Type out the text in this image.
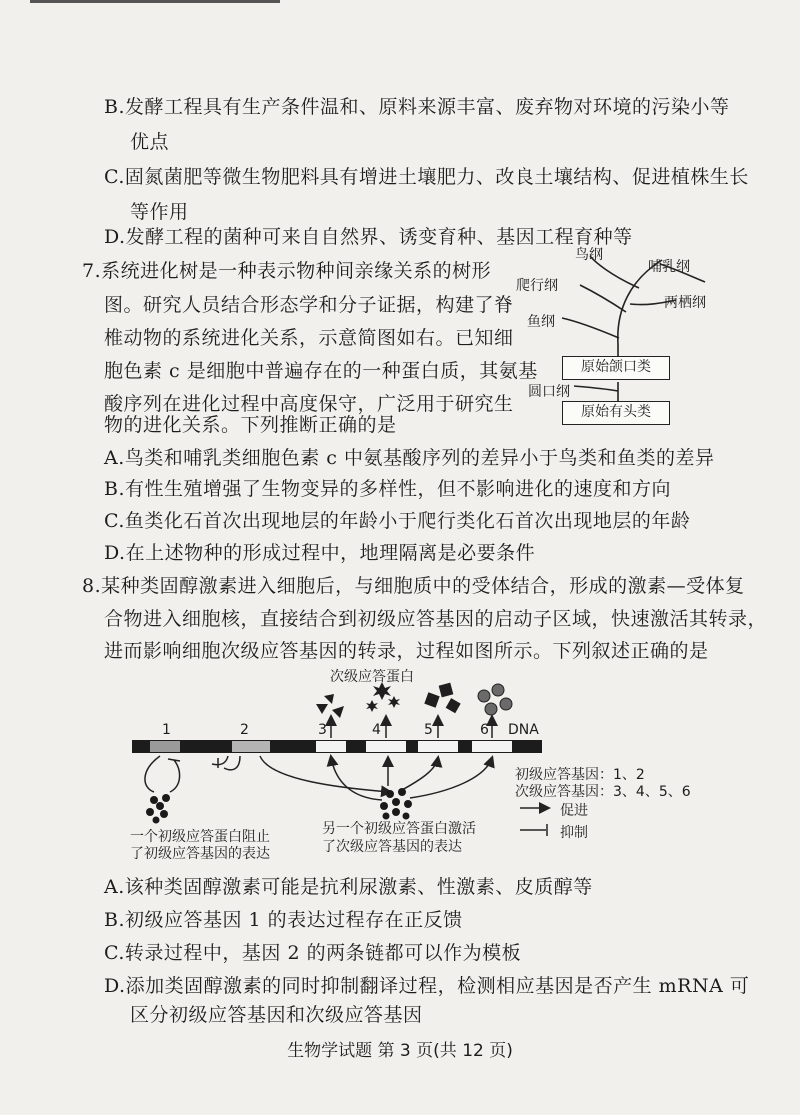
B.发酵工程具有生产条件温和、原料来源丰富、废弃物对环境的污染小等
优点
C.固氮菌肥等微生物肥料具有增进土壤肥力、改良土壤结构、促进植株生长
等作用
D.发酵工程的菌种可来自自然界、诱变育种、基因工程育种等
7.系统进化树是一种表示物种间亲缘关系的树形
图。研究人员结合形态学和分子证据，构建了脊
椎动物的系统进化关系，示意简图如右。已知细
胞色素 c 是细胞中普遍存在的一种蛋白质，其氨基
酸序列在进化过程中高度保守，广泛用于研究生
物的进化关系。下列推断正确的是
鸟纲
哺乳纲
爬行纲
两栖纲
鱼纲
原始颌口类
圆口纲
原始有头类
A.鸟类和哺乳类细胞色素 c 中氨基酸序列的差异小于鸟类和鱼类的差异
B.有性生殖增强了生物变异的多样性，但不影响进化的速度和方向
C.鱼类化石首次出现地层的年龄小于爬行类化石首次出现地层的年龄
D.在上述物种的形成过程中，地理隔离是必要条件
8.某种类固醇激素进入细胞后，与细胞质中的受体结合，形成的激素—受体复
合物进入细胞核，直接结合到初级应答基因的启动子区域，快速激活其转录，
进而影响细胞次级应答基因的转录，过程如图所示。下列叙述正确的是
次级应答蛋白
1	2	3	4	5	6 DNA
初级应答基因：1、2
次级应答基因：3、4、5、6
促进
抑制
一个初级应答蛋白阻止
了初级应答基因的表达
另一个初级应答蛋白激活
了次级应答基因的表达
A.该种类固醇激素可能是抗利尿激素、性激素、皮质醇等
B.初级应答基因 1 的表达过程存在正反馈
C.转录过程中，基因 2 的两条链都可以作为模板
D.添加类固醇激素的同时抑制翻译过程，检测相应基因是否产生 mRNA 可
区分初级应答基因和次级应答基因
生物学试题 第 3 页(共 12 页)
